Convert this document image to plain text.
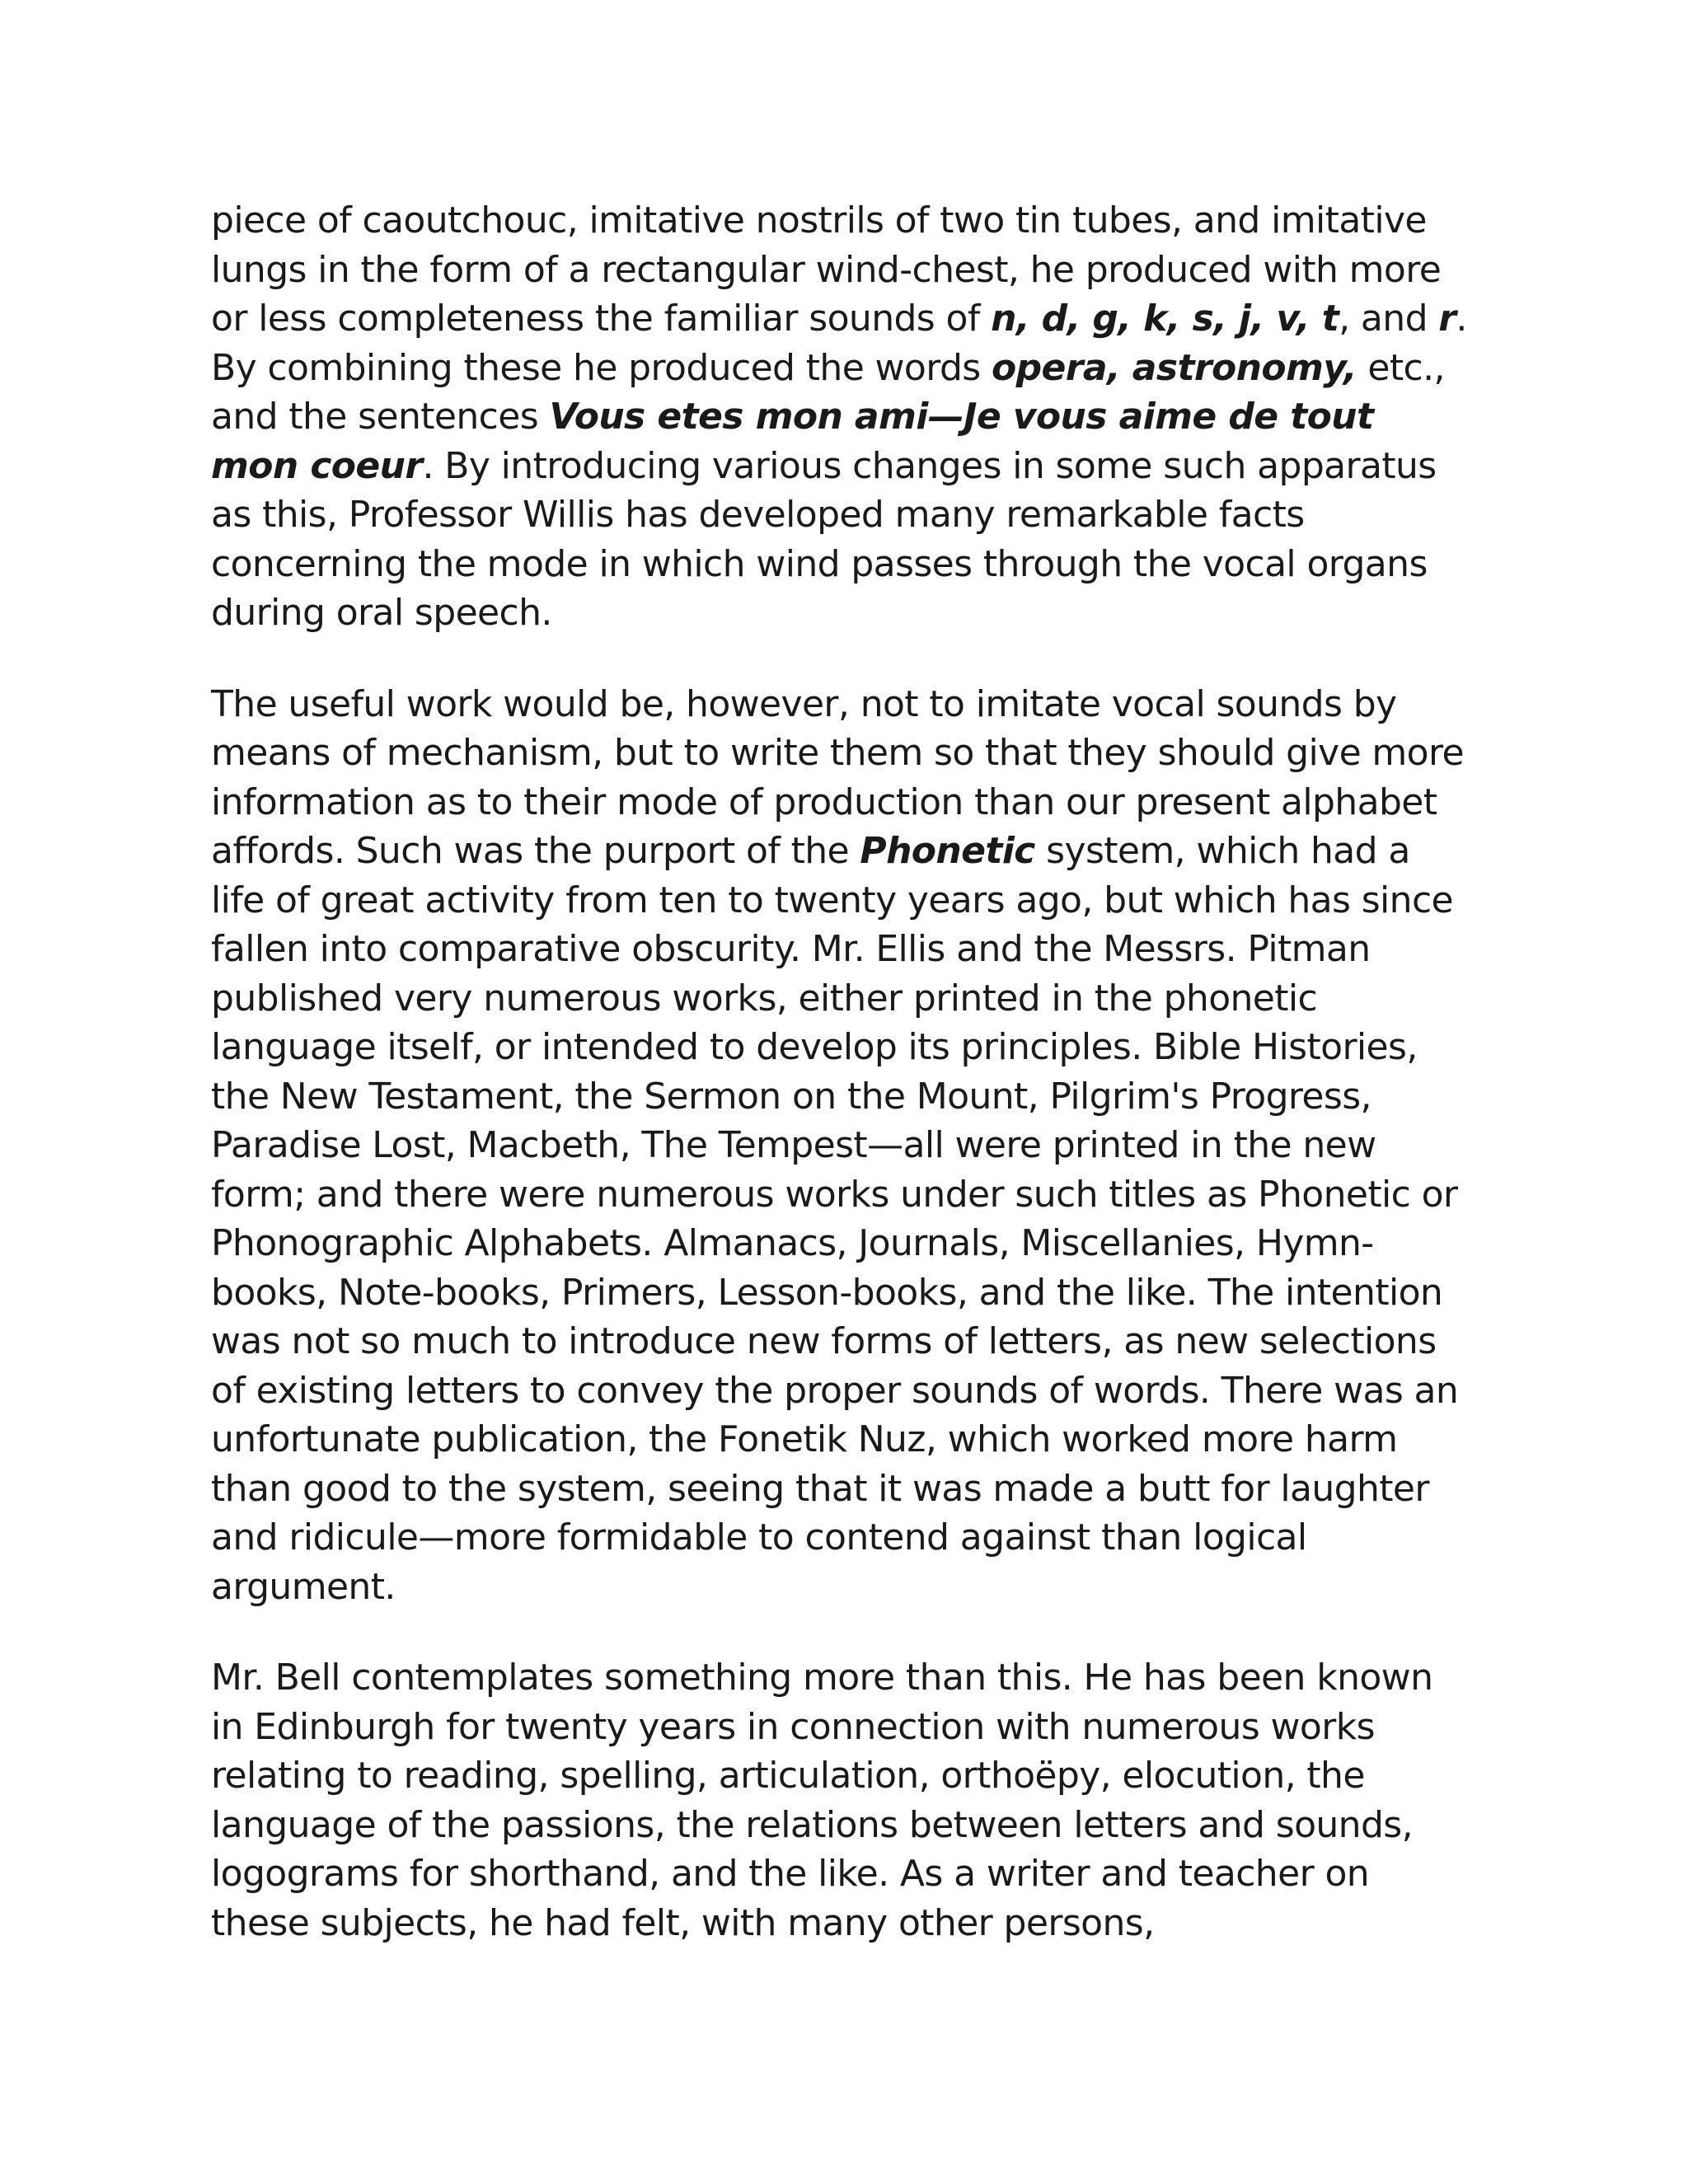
piece of caoutchouc, imitative nostrils of two tin tubes, and imitative lungs in the form of a rectangular wind-chest, he produced with more or less completeness the familiar sounds of n, d, g, k, s, j, v, t, and r. By combining these he produced the words opera, astronomy, etc., and the sentences Vous etes mon ami—Je vous aime de tout mon coeur. By introducing various changes in some such apparatus as this, Professor Willis has developed many remarkable facts concerning the mode in which wind passes through the vocal organs during oral speech.

The useful work would be, however, not to imitate vocal sounds by means of mechanism, but to write them so that they should give more information as to their mode of production than our present alphabet affords. Such was the purport of the Phonetic system, which had a life of great activity from ten to twenty years ago, but which has since fallen into comparative obscurity. Mr. Ellis and the Messrs. Pitman published very numerous works, either printed in the phonetic language itself, or intended to develop its principles. Bible Histories, the New Testament, the Sermon on the Mount, Pilgrim's Progress, Paradise Lost, Macbeth, The Tempest—all were printed in the new form; and there were numerous works under such titles as Phonetic or Phonographic Alphabets. Almanacs, Journals, Miscellanies, Hymn-books, Note-books, Primers, Lesson-books, and the like. The intention was not so much to introduce new forms of letters, as new selections of existing letters to convey the proper sounds of words. There was an unfortunate publication, the Fonetik Nuz, which worked more harm than good to the system, seeing that it was made a butt for laughter and ridicule—more formidable to contend against than logical argument.

Mr. Bell contemplates something more than this. He has been known in Edinburgh for twenty years in connection with numerous works relating to reading, spelling, articulation, orthoëpy, elocution, the language of the passions, the relations between letters and sounds, logograms for shorthand, and the like. As a writer and teacher on these subjects, he had felt, with many other persons,
